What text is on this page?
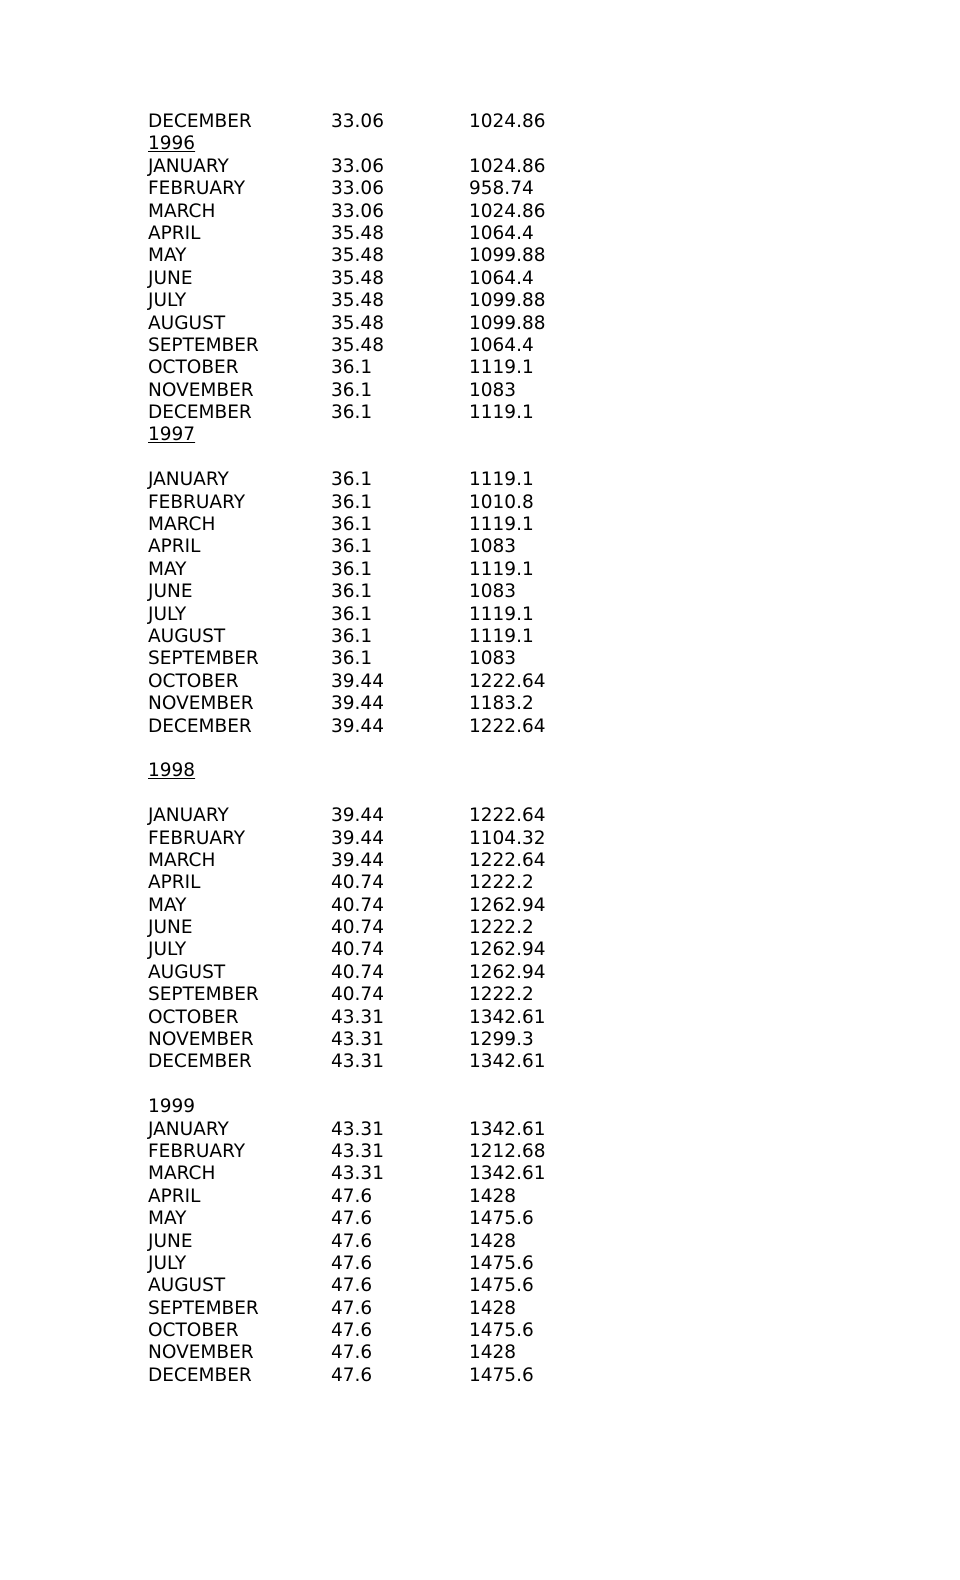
DECEMBER	33.06	1024.86
1996
JANUARY	33.06	1024.86
FEBRUARY	33.06	958.74
MARCH	33.06	1024.86
APRIL	35.48	1064.4
MAY	35.48	1099.88
JUNE	35.48	1064.4
JULY	35.48	1099.88
AUGUST	35.48	1099.88
SEPTEMBER	35.48	1064.4
OCTOBER	36.1	1119.1
NOVEMBER	36.1	1083
DECEMBER	36.1	1119.1
1997
JANUARY	36.1	1119.1
FEBRUARY	36.1	1010.8
MARCH	36.1	1119.1
APRIL	36.1	1083
MAY	36.1	1119.1
JUNE	36.1	1083
JULY	36.1	1119.1
AUGUST	36.1	1119.1
SEPTEMBER	36.1	1083
OCTOBER	39.44	1222.64
NOVEMBER	39.44	1183.2
DECEMBER	39.44	1222.64
1998
JANUARY	39.44	1222.64
FEBRUARY	39.44	1104.32
MARCH	39.44	1222.64
APRIL	40.74	1222.2
MAY	40.74	1262.94
JUNE	40.74	1222.2
JULY	40.74	1262.94
AUGUST	40.74	1262.94
SEPTEMBER	40.74	1222.2
OCTOBER	43.31	1342.61
NOVEMBER	43.31	1299.3
DECEMBER	43.31	1342.61
1999
JANUARY	43.31	1342.61
FEBRUARY	43.31	1212.68
MARCH	43.31	1342.61
APRIL	47.6	1428
MAY	47.6	1475.6
JUNE	47.6	1428
JULY	47.6	1475.6
AUGUST	47.6	1475.6
SEPTEMBER	47.6	1428
OCTOBER	47.6	1475.6
NOVEMBER	47.6	1428
DECEMBER	47.6	1475.6
